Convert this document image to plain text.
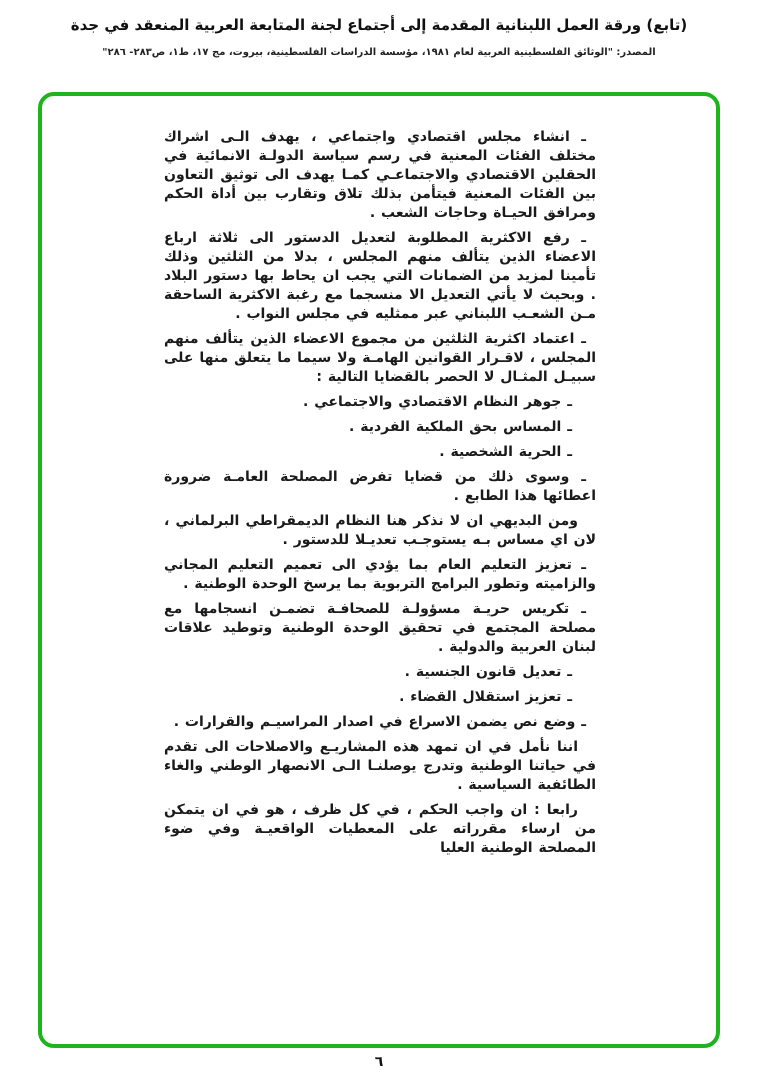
(تابع) ورقة العمل اللبنانية المقدمة إلى أجتماع لجنة المتابعة العربية المنعقد في جدة
المصدر: "الوثائق الفلسطينية العربية لعام ١٩٨١، مؤسسة الدراسات الفلسطينية، بيروت، مج ١٧، ط١، ص٢٨٣- ٢٨٦"
ـ انشاء مجلس اقتصادي واجتماعي ، يهدف الـى اشراك مختلف الفئات المعنية في رسم سياسة الدولـة الانمائية في الحقلين الاقتصادي والاجتماعـي كمـا يهدف الى توثيق التعاون بين الفئات المعنية فيتأمن بذلك تلاق وتقارب بين أداة الحكم ومرافق الحيـاة وحاجات الشعب .
ـ رفع الاكثرية المطلوبة لتعديل الدستور الى ثلاثة ارباع الاعضاء الذين يتألف منهم المجلس ، بدلا من الثلثين وذلك تأمينا لمزيد من الضمانات التي يجب ان يحاط بها دستور البلاد . وبحيث لا يأتي التعديل الا منسجما مع رغبة الاكثرية الساحقة مـن الشعـب اللبناني عبر ممثليه في مجلس النواب .
ـ اعتماد اكثرية الثلثين من مجموع الاعضاء الذين يتألف منهم المجلس ، لاقـرار القوانين الهامـة ولا سيما ما يتعلق منها على سبيـل المثـال لا الحصر بالقضايا التالية :
ـ جوهر النظام الاقتصادي والاجتماعي .
ـ المساس بحق الملكية الفردية .
ـ الحرية الشخصية .
ـ وسوى ذلك من قضايا تفرض المصلحة العامـة ضرورة اعطائها هذا الطابع .
ومن البديهي ان لا نذكر هنا النظام الديمقراطي البرلماني ، لان اي مساس بـه يستوجـب تعديـلا للدستور .
ـ تعزيز التعليم العام بما يؤدي الى تعميم التعليم المجاني والزاميته وتطور البرامج التربوية بما يرسخ الوحدة الوطنية .
ـ تكريس حريـة مسؤولـة للصحافـة تضمـن انسجامها مع مصلحة المجتمع في تحقيق الوحدة الوطنية وتوطيد علاقات لبنان العربية والدولية .
ـ تعديل قانون الجنسية .
ـ تعزيز استقلال القضاء .
ـ وضع نص يضمن الاسراع في اصدار المراسيـم والقرارات .
اننا نأمل في ان تمهد هذه المشاريـع والاصلاحات الى تقدم في حياتنا الوطنية وتدرج يوصلنـا الـى الانصهار الوطني والغاء الطائفية السياسية .
رابعا : ان واجب الحكم ، في كل ظرف ، هو في ان يتمكن من ارساء مقرراته على المعطيات الواقعيـة وفي ضوء المصلحة الوطنية العليا
٦
